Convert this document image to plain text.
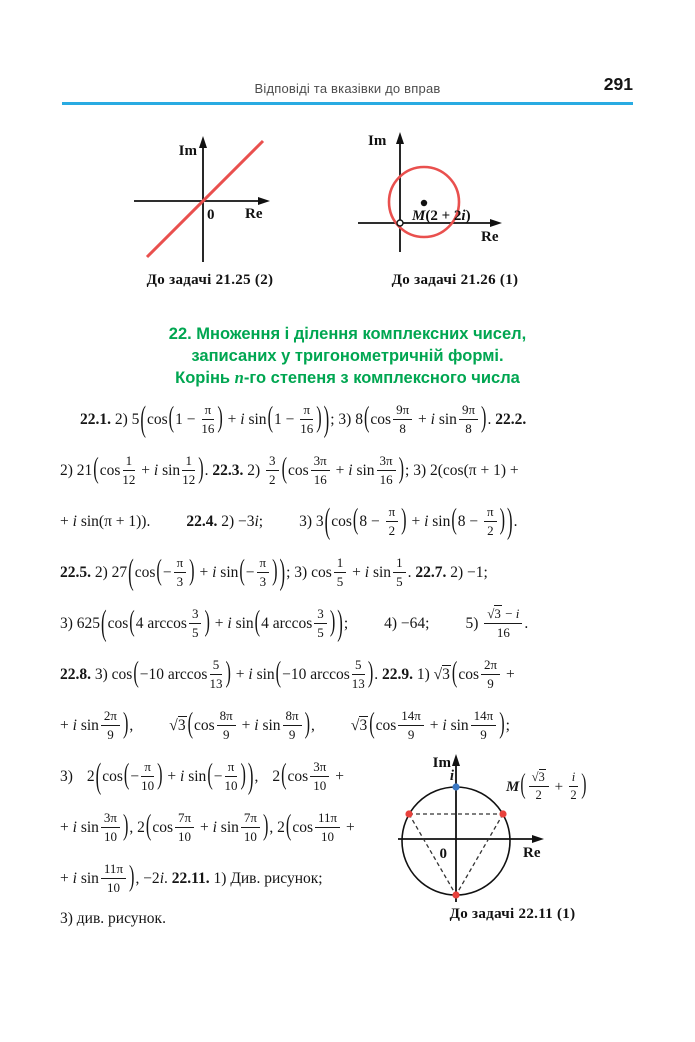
Відповіді та вказівки до вправ	291
Im
Re
0
До задачі 21.25 (2)
Im
Re
M(2 + 2i)
До задачі 21.26 (1)
22. Множення і ділення комплексних чисел,
записаних у тригонометричній формі.
Корінь n-го степеня з комплексного числа
22.1. 2) $5(\cos(1 - \frac{\pi}{16}$ ) + i $\sin(1 - \frac{\pi}{16}$ ) ); 3) $8(\cos \frac{9\pi}{8} + i$ $\sin \frac{9\pi}{8}$ ). 22.2.
2) $21(\cos \frac{1}{12} + i$ $\sin \frac{1}{12}$ ). 22.3. $2) \frac{3}{2} (\cos \frac{3\pi}{16} + i$ $\sin \frac{3\pi}{16}$ ); 3) 2(cos(π + 1) +
+ i sin(π + 1)). 22.4. 2) −3i; 3) $3(\cos(8 - \frac{\pi}{2}$ ) + i $\sin(8 - \frac{\pi}{2}$ ) ).
22.5. 2) $27(\cos(- \frac{\pi}{3}$ ) + i $\sin(- \frac{\pi}{3}$ ) ); 3) $\cos \frac{1}{5} + i$ $\sin \frac{1}{5}$ . 22.7. 2) −1;
3) 625(cos(4 $\arccos \frac{3}{5}$ ) + i sin(4 $\arccos \frac{3}{5}$ ) ); 4) −64; $5) \frac{√3 - i}{16}$ .
22.8. 3) cos(−10 $\arccos \frac{5}{13}$ ) + i sin(−10 $\arccos \frac{5}{13}$ ). 22.9. 1) √3 ($\cos \frac{2\pi}{9}$ +
+ i $\sin \frac{2\pi}{9}$ ), √3 ($\cos \frac{8\pi}{9} + i$ $\sin \frac{8\pi}{9}$ ), √3 ($\cos \frac{14\pi}{9} + i$ $\sin \frac{14\pi}{9}$ );
3) $2(\cos(- \frac{\pi}{10}$ ) + i $\sin(- \frac{\pi}{10}$ ) ), $2(\cos \frac{3\pi}{10}$ +
+ i $\sin \frac{3\pi}{10}$ ), $2(\cos \frac{7\pi}{10} + i$ $\sin \frac{7\pi}{10}$ ), $2(\cos \frac{11\pi}{10}$ +
+ i $\sin \frac{11\pi}{10}$ ), −2i. 22.11. 1) Див. рисунок;
3) див. рисунок.
Im
0	Re
i
$M( \frac{√3}{2} + \frac{i}{2}$ )
До задачі 22.11 (1)
